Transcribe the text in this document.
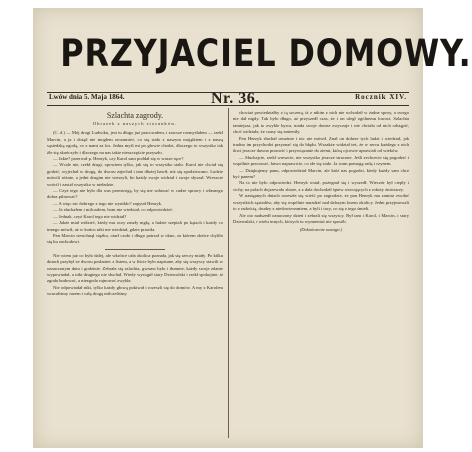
PRZYJACIEL DOMOWY.
Lwów dnia 5. Maja 1864.	Nr. 36.	Rocznik XIV.
Szlachta zagrody.
Obrazek z naszych stosunków.

(C. d.) — Mój drogi Ludwiku, jest tu długo już pracowałem, i zawsze rozmyślałem — rzekł Marcin, a ja i dotąd nie mogłem zrozumieć, co się stało z naszym majątkiem i z naszą sąsiedzką zgodą, co z nami za los. Jedna myśl mi po głowie chodzi, dlaczego to wszystko tak źle się skończyło i dlaczego na nas takie nieszczęście przyszło.

— Jakie? przerwał p. Henryk, czy Karol sam poddał się w wasze ręce?

— Wcale nie, rzekł drugi, opowiem tylko, jak się to wszystko stało. Karol nie chciał się godzić, wyjechał w drogę, do dworu zajechał i tam dłużej bawił, niż się spodziewano. Ludzie mówili różnie, a jedni drugim nie wierzyli, bo każdy swoje widział i swoje słyszał. Wreszcie wrócił i zastał wszystko w nieładzie.

— Czyż tego nie było dla was przestrogą, by się nie wdawać w cudze sprawy i własnego dobra pilnować?

— A więc nic dobrego z tego nie wynikło? zapytał Henryk.

— Ja słuchałem i milczałem, bom nie wiedział, co odpowiedzieć.

— Jednak, czyż Karol tego nie widział?

— Jakże miał widzieć, kiedy mu oczy zaszły mgłą, a ludzie szeptali po kątach i każdy co innego mówił, aż w końcu nikt nie wiedział, gdzie prawda.

Pan Marcin westchnął ciężko, otarł czoło i długo patrzał w okno, za którem słońce chyliło się ku zachodowi.

Nie wiem już co było dalej, ale wkrótce cała okolica poznała, jak się rzeczy miały. Po kilku dniach przybył ze dworu posłaniec z listem, a w liście było napisane, aby się wszyscy stawili w oznaczonym dniu i godzinie. Zebrała się szlachta, gwarno było i tłumnie, każdy swoje zdanie wypowiadał, a nikt drugiego nie słuchał. Wtedy wystąpił stary Dziewulski i rzekł spokojnie, iż zgoda budować, a niezgoda rujnować zwykła.

Nie odpowiadał nikt, tylko każdy głową pokiwał i rozeszli się do domów. A my z Karolem wracaliśmy razem i całą drogę milczeliśmy.

chociaż powiedziałby z tą szczerą, iż z nikim z nich nie wchodził w żadne spory, a swego nie dał nigdy. Tak było długo, aż przyszedł czas, że i on uległ ogólnemu losowi. Szlachta tamtejsza, jak to zwykle bywa, miała swoje dawne zwyczaje i nie chciała od nich odstąpić, choć widziała, że czasy się zmieniły.

Pan Henryk słuchał uważnie i nic nie mówił. Znał on dobrze tych ludzi i wiedział, jak trudno im przychodzi przyznać się do błędu. Wszakże widział też, że w sercu każdego z nich tkwi jeszcze dawna prawość i przywiązanie do ziemi, którą ojcowie uprawiali od wieków.

— Słuchajcie, rzekł wreszcie, nie wszystko jeszcze stracone. Jeśli zechcecie się pogodzić i wspólnie pracować, łatwo naprawicie, co złe się stało. Ja wam pomogę radą i czynem.

— Dziękujemy panu, odpowiedział Marcin, ale któż nas pogodzi, kiedy każdy sam chce być panem?

Na to nie było odpowiedzi. Henryk wstał, pożegnał się i wyszedł. Wieczór był ciepły i cichy, na polach dojrzewało zboże, a z dala dochodził śpiew wracających z roboty żniwiarzy.

W następnych dniach rozeszła się wieść po zagrodzie, że pan Henryk ma zamiar zwołać wszystkich sąsiadów, aby się wspólnie naradzić nad dalszym losem okolicy. Jedni przyjmowali to z radością, drudzy z niedowierzaniem, a byli i tacy, co się z tego śmieli.

Ale oto nadszedł oznaczony dzień i zebrali się wszyscy. Był tam i Karol, i Marcin, i stary Dziewulski, i wielu innych, których tu wymieniać nie sposób.

(Dokończenie nastąpi.)
